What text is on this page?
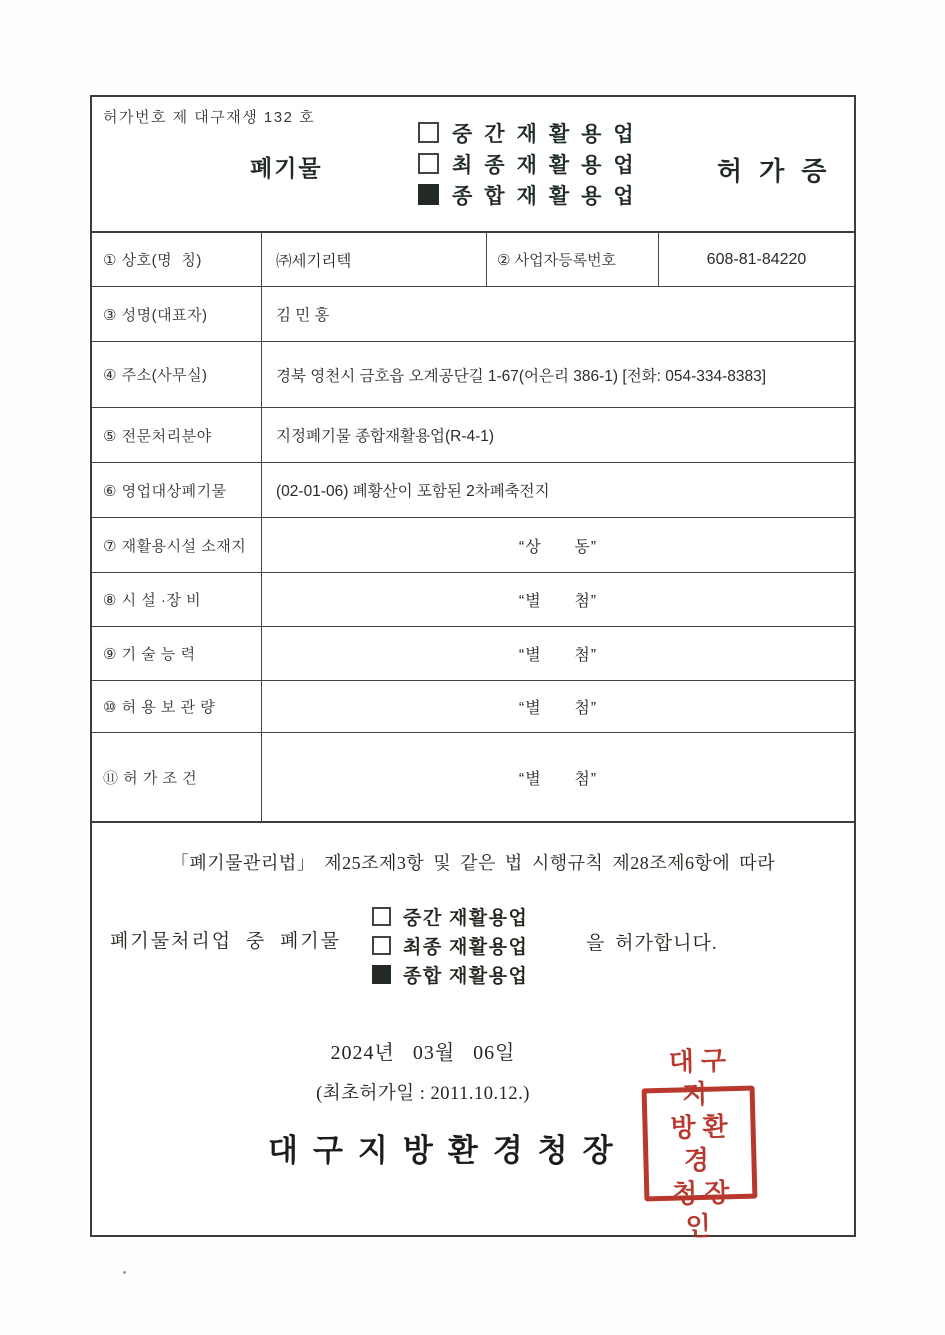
허가번호 제 대구재생 132 호
폐기물
중간재활용업
최종재활용업
종합재활용업
허가증
① 상호(명  칭)	㈜세기리텍	② 사업자등록번호	608-81-84220
③ 성명(대표자)	김 민 홍
④ 주소(사무실)	경북 영천시 금호읍 오계공단길 1-67(어은리 386-1) [전화: 054-334-8383]
⑤ 전문처리분야	지정폐기물 종합재활용업(R-4-1)
⑥ 영업대상폐기물	(02-01-06) 폐황산이 포함된 2차폐축전지
⑦ 재활용시설 소재지	“상      동”
⑧ 시 설 ·장 비	“별      첨”
⑨ 기 술 능 력	“별      첨”
⑩ 허 용 보 관 량	“별      첨”
⑪ 허 가 조 건	“별      첨”
「폐기물관리법」 제25조제3항 및 같은 법 시행규칙 제28조제6항에 따라
폐기물처리업 중 폐기물
중간 재활용업
최종 재활용업
종합 재활용업
을 허가합니다.
2024년   03월   06일
(최초허가일 : 2011.10.12.)
대구지방환경청장
대구지
방환경
청장인
